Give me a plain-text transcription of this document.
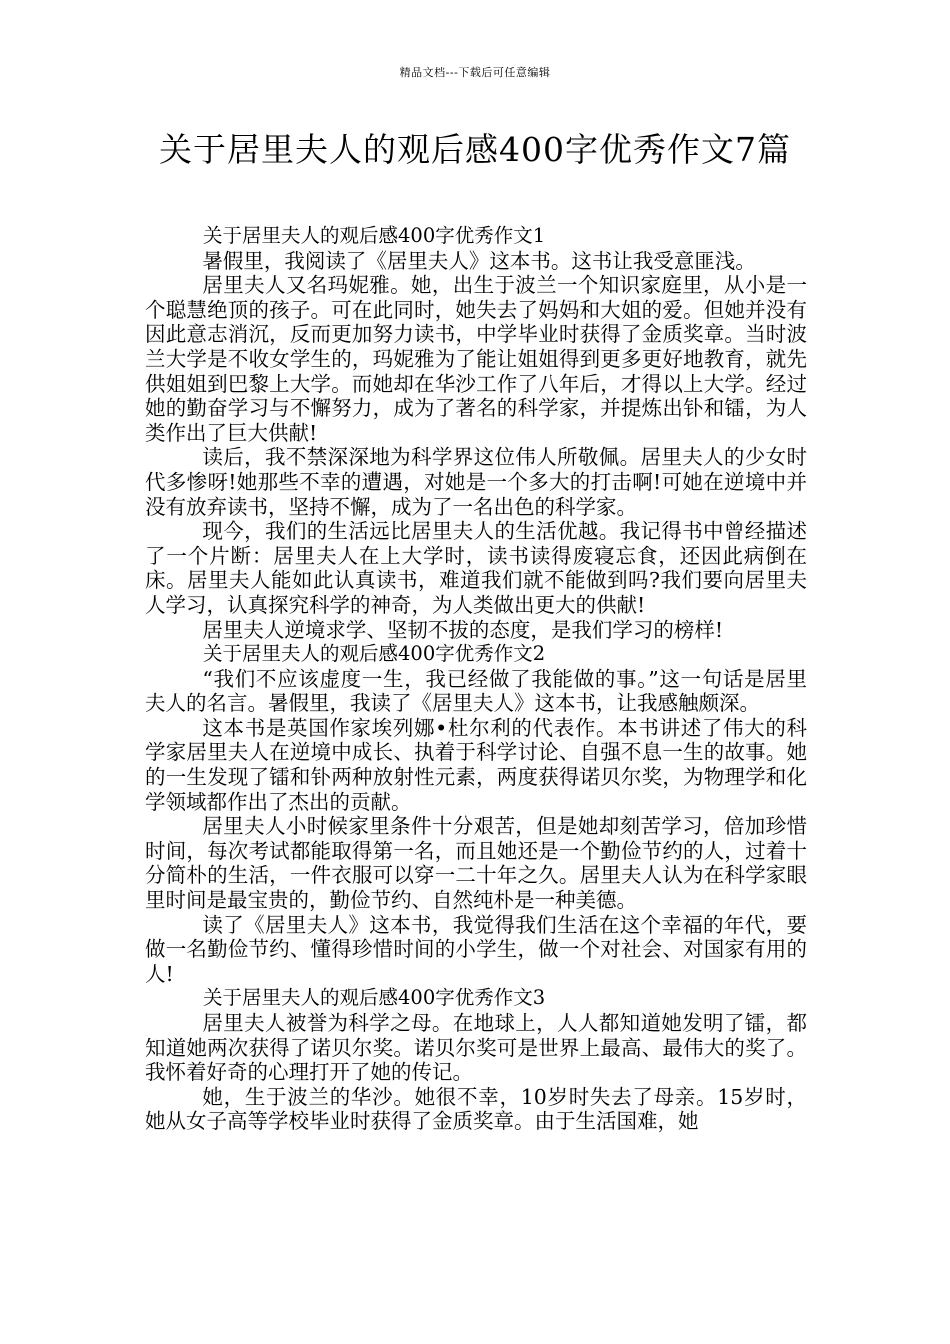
精品文档---下载后可任意编辑
关于居里夫人的观后感400字优秀作文7篇

关于居里夫人的观后感400字优秀作文1

暑假里，我阅读了《居里夫人》这本书。这书让我受意匪浅。

居里夫人又名玛妮雅。她，出生于波兰一个知识家庭里，从小是一个聪慧绝顶的孩子。可在此同时，她失去了妈妈和大姐的爱。但她并没有因此意志消沉，反而更加努力读书，中学毕业时获得了金质奖章。当时波兰大学是不收女学生的，玛妮雅为了能让姐姐得到更多更好地教育，就先供姐姐到巴黎上大学。而她却在华沙工作了八年后，才得以上大学。经过她的勤奋学习与不懈努力，成为了著名的科学家，并提炼出钋和镭，为人类作出了巨大供献!

读后，我不禁深深地为科学界这位伟人所敬佩。居里夫人的少女时代多惨呀!她那些不幸的遭遇，对她是一个多大的打击啊!可她在逆境中并没有放弃读书，坚持不懈，成为了一名出色的科学家。

现今，我们的生活远比居里夫人的生活优越。我记得书中曾经描述了一个片断：居里夫人在上大学时，读书读得废寝忘食，还因此病倒在床。居里夫人能如此认真读书，难道我们就不能做到吗?我们要向居里夫人学习，认真探究科学的神奇，为人类做出更大的供献!

居里夫人逆境求学、坚韧不拔的态度，是我们学习的榜样!

关于居里夫人的观后感400字优秀作文2

“我们不应该虚度一生，我已经做了我能做的事。”这一句话是居里夫人的名言。暑假里，我读了《居里夫人》这本书，让我感触颇深。

这本书是英国作家埃列娜•杜尔利的代表作。本书讲述了伟大的科学家居里夫人在逆境中成长、执着于科学讨论、自强不息一生的故事。她的一生发现了镭和钋两种放射性元素，两度获得诺贝尔奖，为物理学和化学领域都作出了杰出的贡献。

居里夫人小时候家里条件十分艰苦，但是她却刻苦学习，倍加珍惜时间，每次考试都能取得第一名，而且她还是一个勤俭节约的人，过着十分简朴的生活，一件衣服可以穿一二十年之久。居里夫人认为在科学家眼里时间是最宝贵的，勤俭节约、自然纯朴是一种美德。

读了《居里夫人》这本书，我觉得我们生活在这个幸福的年代，要做一名勤俭节约、懂得珍惜时间的小学生，做一个对社会、对国家有用的人!

关于居里夫人的观后感400字优秀作文3

居里夫人被誉为科学之母。在地球上，人人都知道她发明了镭，都知道她两次获得了诺贝尔奖。诺贝尔奖可是世界上最高、最伟大的奖了。我怀着好奇的心理打开了她的传记。

她，生于波兰的华沙。她很不幸，10岁时失去了母亲。15岁时，她从女子高等学校毕业时获得了金质奖章。由于生活国难，她
